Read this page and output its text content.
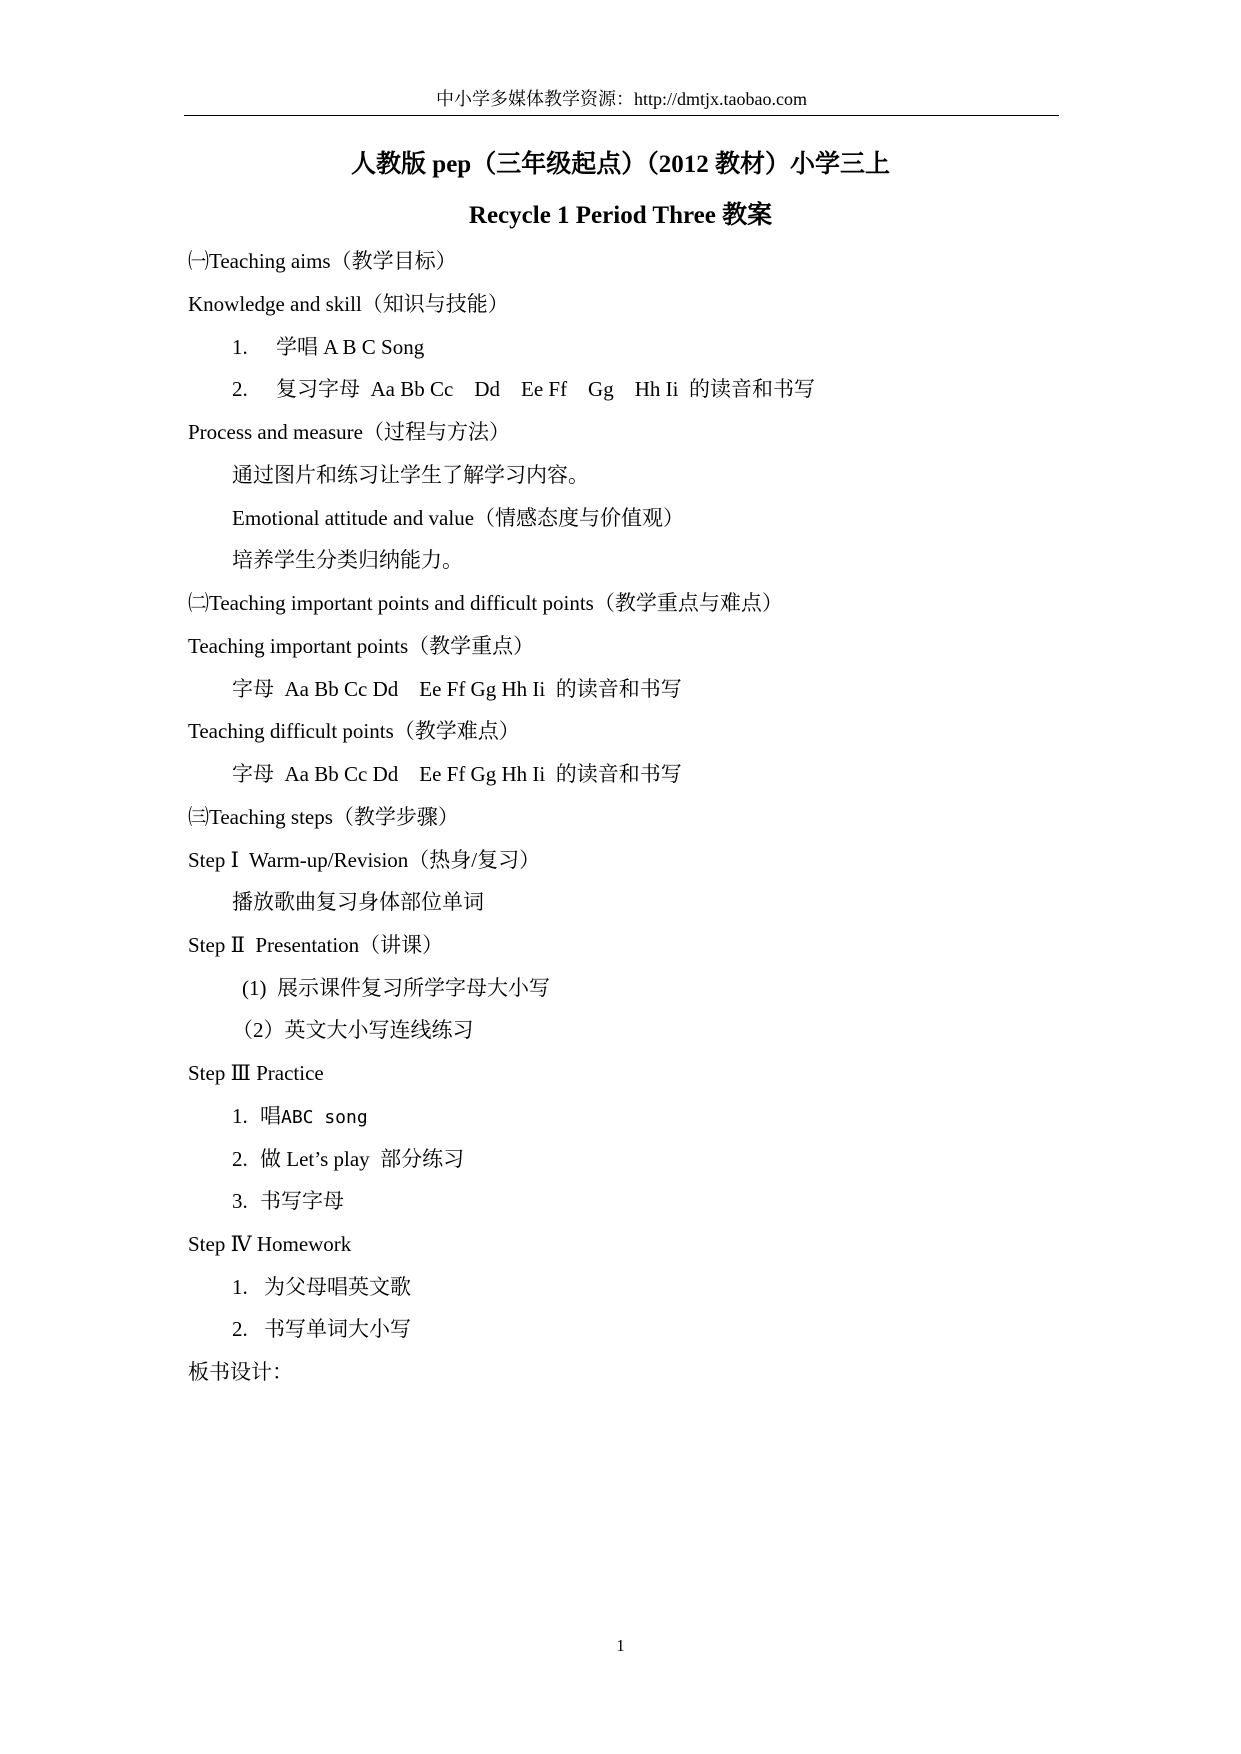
中小学多媒体教学资源：http://dmtjx.taobao.com
人教版 pep（三年级起点）（2012 教材）小学三上
Recycle 1 Period Three 教案
㈠Teaching aims（教学目标）
Knowledge and skill（知识与技能）
1. 学唱 A B C Song
2. 复习字母  Aa Bb Cc    Dd    Ee Ff    Gg    Hh Ii  的读音和书写
Process and measure（过程与方法）
通过图片和练习让学生了解学习内容。
Emotional attitude and value（情感态度与价值观）
培养学生分类归纳能力。
㈡Teaching important points and difficult points（教学重点与难点）
Teaching important points（教学重点）
字母  Aa Bb Cc Dd    Ee Ff Gg Hh Ii  的读音和书写
Teaching difficult points（教学难点）
字母  Aa Bb Cc Dd    Ee Ff Gg Hh Ii  的读音和书写
㈢Teaching steps（教学步骤）
Step Ⅰ  Warm-up/Revision（热身/复习）
播放歌曲复习身体部位单词
Step Ⅱ  Presentation（讲课）
(1)  展示课件复习所学字母大小写
（2）英文大小写连线练习
Step Ⅲ Practice
1. 唱ABC song
2. 做 Let’s play  部分练习
3. 书写字母
Step Ⅳ Homework
1. 为父母唱英文歌
2. 书写单词大小写
板书设计：
1
